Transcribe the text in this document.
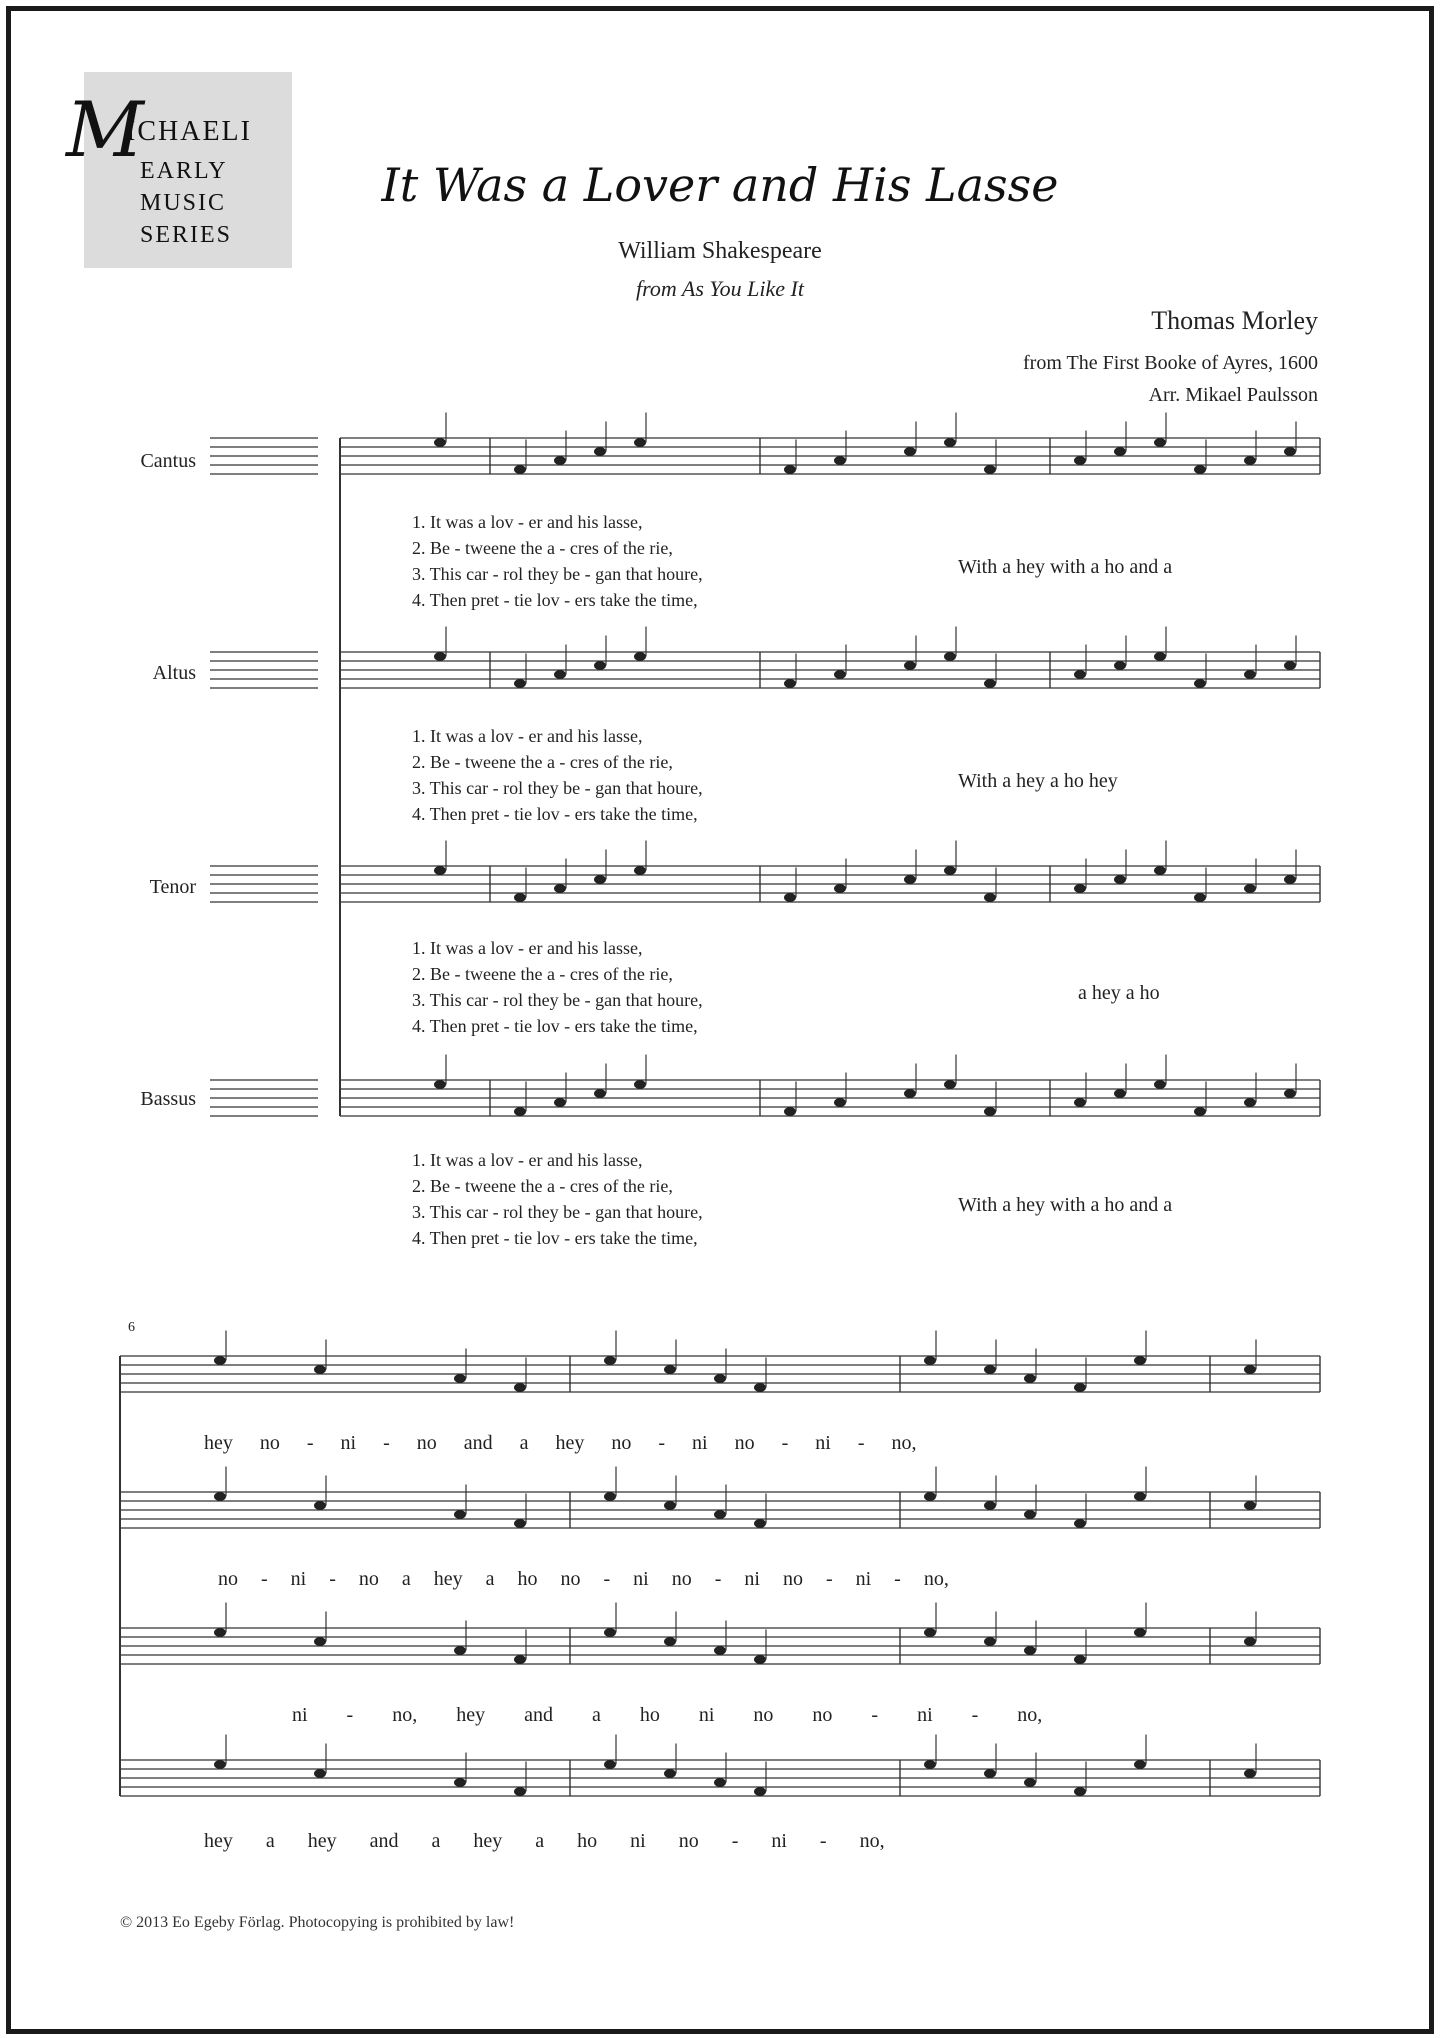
M
ICHAELI
EARLY
MUSIC
SERIES
It Was a Lover and His Lasse
William Shakespeare
from As You Like It
Thomas Morley
from The First Booke of Ayres, 1600
Arr. Mikael Paulsson
Cantus
Altus
Tenor
Bassus
1. It was a lov - er and his lasse,
2. Be - tweene the a - cres of the rie,
3. This car - rol they be - gan that houre,
4. Then pret - tie lov - ers take the time,
With a hey with a ho and a
1. It was a lov - er and his lasse,
2. Be - tweene the a - cres of the rie,
3. This car - rol they be - gan that houre,
4. Then pret - tie lov - ers take the time,
With a hey a ho hey
1. It was a lov - er and his lasse,
2. Be - tweene the a - cres of the rie,
3. This car - rol they be - gan that houre,
4. Then pret - tie lov - ers take the time,
a hey a ho
1. It was a lov - er and his lasse,
2. Be - tweene the a - cres of the rie,
3. This car - rol they be - gan that houre,
4. Then pret - tie lov - ers take the time,
With a hey with a ho and a
6
hey no - ni - no and a hey no - ni no - ni - no,
no - ni - no a hey a ho no - ni no - ni no - ni - no,
ni - no, hey and a ho ni no no - ni - no,
hey a hey and a hey a ho ni no - ni - no,
© 2013 Eo Egeby Förlag. Photocopying is prohibited by law!
